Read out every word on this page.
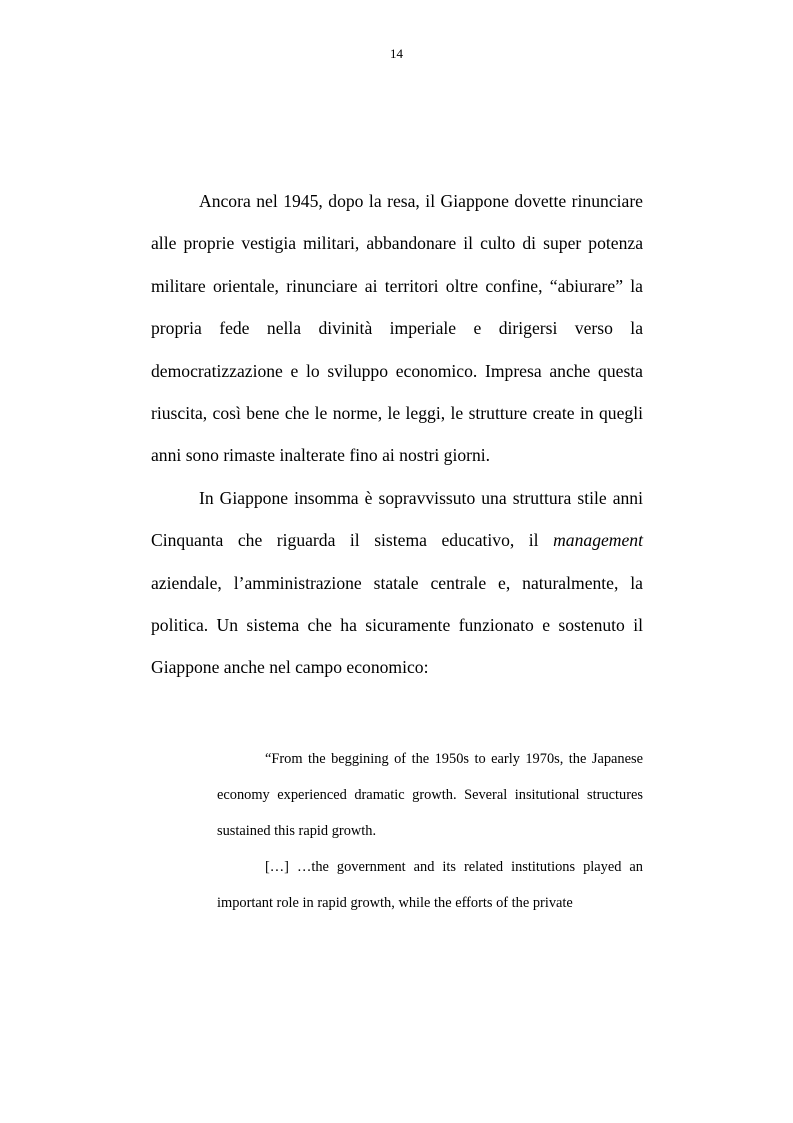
14

Ancora nel 1945, dopo la resa, il Giappone dovette rinunciare alle proprie vestigia militari, abbandonare il culto di super potenza militare orientale, rinunciare ai territori oltre confine, “abiurare” la propria fede nella divinità imperiale e dirigersi verso la democratizzazione e lo sviluppo economico. Impresa anche questa riuscita, così bene che le norme, le leggi, le strutture create in quegli anni sono rimaste inalterate fino ai nostri giorni.

In Giappone insomma è sopravvissuto una struttura stile anni Cinquanta che riguarda il sistema educativo, il management aziendale, l’amministrazione statale centrale e, naturalmente, la politica. Un sistema che ha sicuramente funzionato e sostenuto il Giappone anche nel campo economico:

“From the beggining of the 1950s to early 1970s, the Japanese economy experienced dramatic growth. Several insitutional structures sustained this rapid growth.

[…] …the government and its related institutions played an important role in rapid growth, while the efforts of the private
